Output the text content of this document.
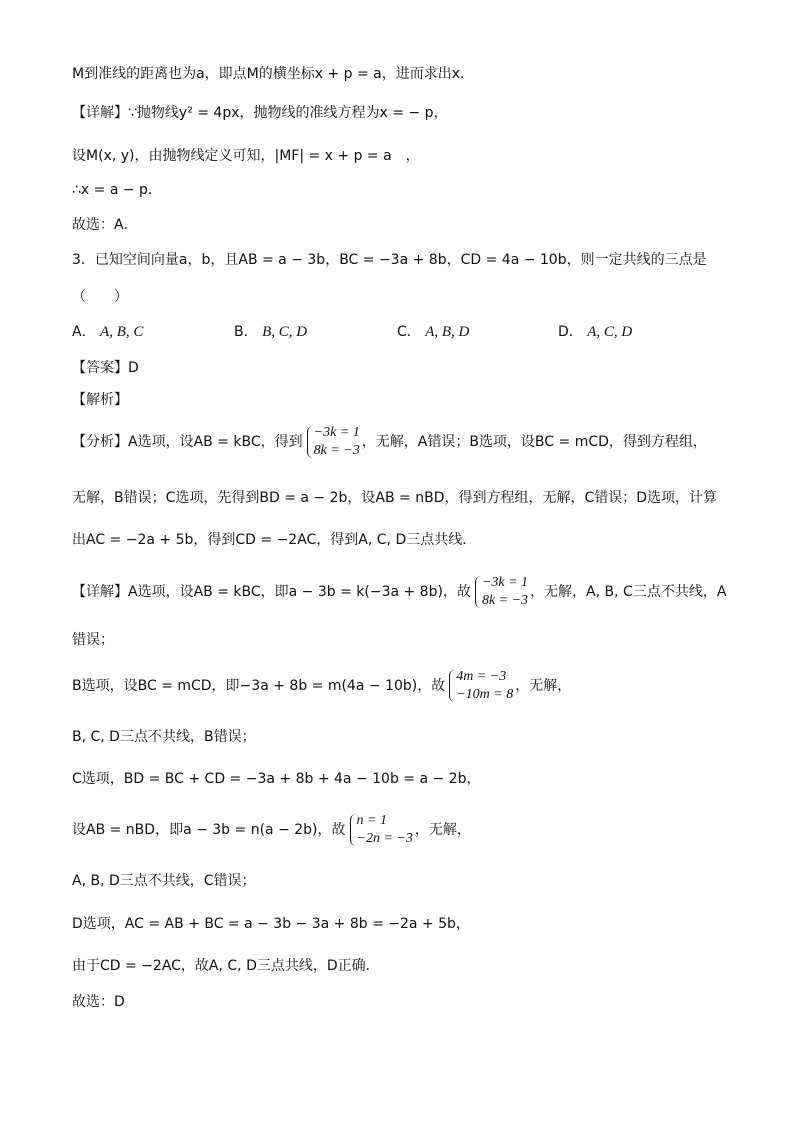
M到准线的距离也为a，即点M的横坐标x + p = a，进而求出x．
【详解】∵抛物线y² = 4px，抛物线的准线方程为x = − p，
设M(x, y)，由抛物线定义可知，|MF| = x + p = a　，
∴x = a − p．
故选：A．
3．已知空间向量a，b，且AB = a − 3b，BC = −3a + 8b，CD = 4a − 10b，则一定共线的三点是
（　　）
A． A, B, C	B． B, C, D	C． A, B, D	D． A, C, D
【答案】D
【解析】
【分析】A选项，设AB = kBC，得到
−3k = 1
8k = −3
，无解，A错误；B选项，设BC = mCD，得到方程组，
无解，B错误；C选项，先得到BD = a − 2b，设AB = nBD，得到方程组，无解，C错误；D选项，计算
出AC = −2a + 5b，得到CD = −2AC，得到A, C, D三点共线．
【详解】A选项，设AB = kBC，即a − 3b = k(−3a + 8b)，故
−3k = 1
8k = −3
，无解，A, B, C三点不共线，A
错误；
B选项，设BC = mCD，即−3a + 8b = m(4a − 10b)，故
4m = −3
−10m = 8
，无解，
B, C, D三点不共线，B错误；
C选项，BD = BC + CD = −3a + 8b + 4a − 10b = a − 2b，
设AB = nBD，即a − 3b = n(a − 2b)，故
n = 1
−2n = −3
，无解，
A, B, D三点不共线，C错误；
D选项，AC = AB + BC = a − 3b − 3a + 8b = −2a + 5b，
由于CD = −2AC，故A, C, D三点共线，D正确．
故选：D
